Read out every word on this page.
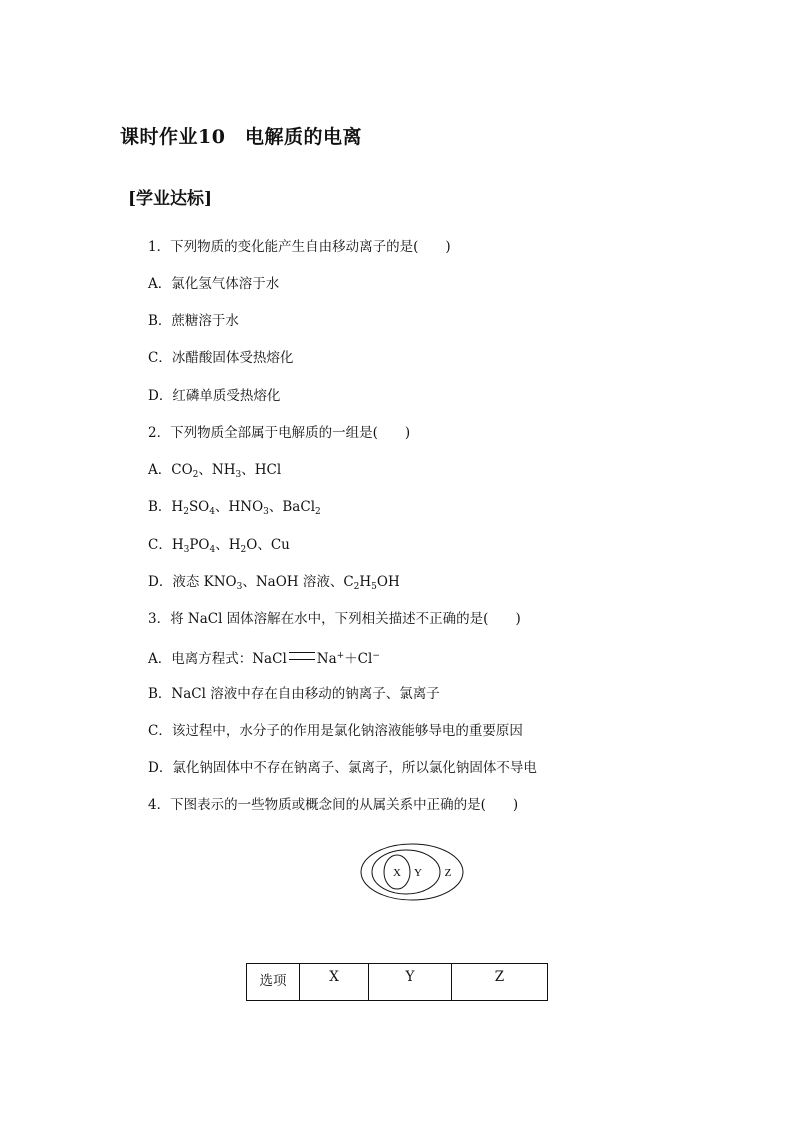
课时作业10　电解质的电离
[学业达标]
1．下列物质的变化能产生自由移动离子的是(　　)
A．氯化氢气体溶于水
B．蔗糖溶于水
C．冰醋酸固体受热熔化
D．红磷单质受热熔化
2．下列物质全部属于电解质的一组是(　　)
A．$CO_2$、$NH_3$、HCl
B．$H_2SO_4$、$HNO_3$、BaCl$_2$
C．$H_3PO_4$、$H_2O$、Cu
D．液态 $KNO_3$、NaOH 溶液、$C_2H_5OH$
3．将 NaCl 固体溶解在水中，下列相关描述不正确的是(　　)
A．电离方程式：NaCl Na+＋Cl−
B．NaCl 溶液中存在自由移动的钠离子、氯离子
C．该过程中，水分子的作用是氯化钠溶液能够导电的重要原因
D．氯化钠固体中不存在钠离子、氯离子，所以氯化钠固体不导电
4．下图表示的一些物质或概念间的从属关系中正确的是(　　)
X Y Z
选项	X	Y	Z
